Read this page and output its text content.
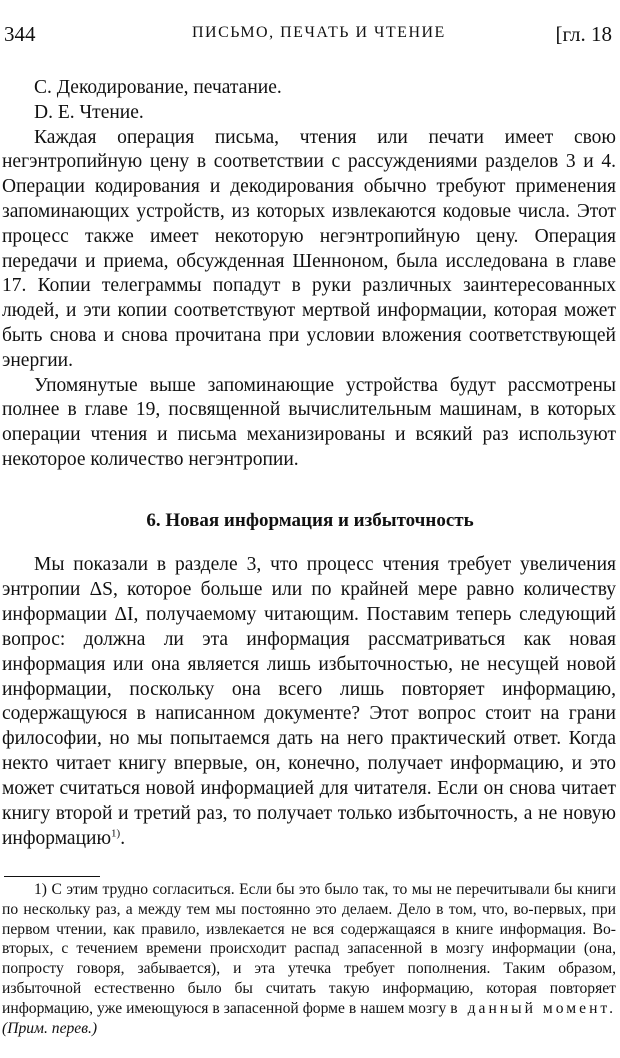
344	ПИСЬМО, ПЕЧАТЬ И ЧТЕНИЕ	[гл. 18

С. Декодирование, печатание.

D. Е. Чтение.

Каждая операция письма, чтения или печати имеет свою негэнтропийную цену в соответствии с рассуждениями разделов 3 и 4. Операции кодирования и декодирования обычно требуют применения запоминающих устройств, из которых извлекаются кодовые числа. Этот процесс также имеет некоторую негэнтропийную цену. Операция передачи и приема, обсужденная Шенноном, была исследована в главе 17. Копии телеграммы попадут в руки различных заинтересованных людей, и эти копии соответствуют мертвой информации, которая может быть снова и снова прочитана при условии вложения соответствующей энергии.

Упомянутые выше запоминающие устройства будут рассмотрены полнее в главе 19, посвященной вычислительным машинам, в которых операции чтения и письма механизированы и всякий раз используют некоторое количество негэнтропии.

6. Новая информация и избыточность

Мы показали в разделе 3, что процесс чтения требует увеличения энтропии ΔS, которое больше или по крайней мере равно количеству информации ΔI, получаемому читающим. Поставим теперь следующий вопрос: должна ли эта информация рассматриваться как новая информация или она является лишь избыточностью, не несущей новой информации, поскольку она всего лишь повторяет информацию, содержащуюся в написанном документе? Этот вопрос стоит на грани философии, но мы попытаемся дать на него практический ответ. Когда некто читает книгу впервые, он, конечно, получает информацию, и это может считаться новой информацией для читателя. Если он снова читает книгу второй и третий раз, то получает только избыточность, а не новую информацию$^{1)}$.

1) С этим трудно согласиться. Если бы это было так, то мы не перечитывали бы книги по нескольку раз, а между тем мы постоянно это делаем. Дело в том, что, во-первых, при первом чтении, как правило, извлекается не вся содержащаяся в книге информация. Во-вторых, с течением времени происходит распад запасенной в мозгу информации (она, попросту говоря, забывается), и эта утечка требует пополнения. Таким образом, избыточной естественно было бы считать такую информацию, которая повторяет информацию, уже имеющуюся в запасенной форме в нашем мозгу в данный момент. (Прим. перев.)
